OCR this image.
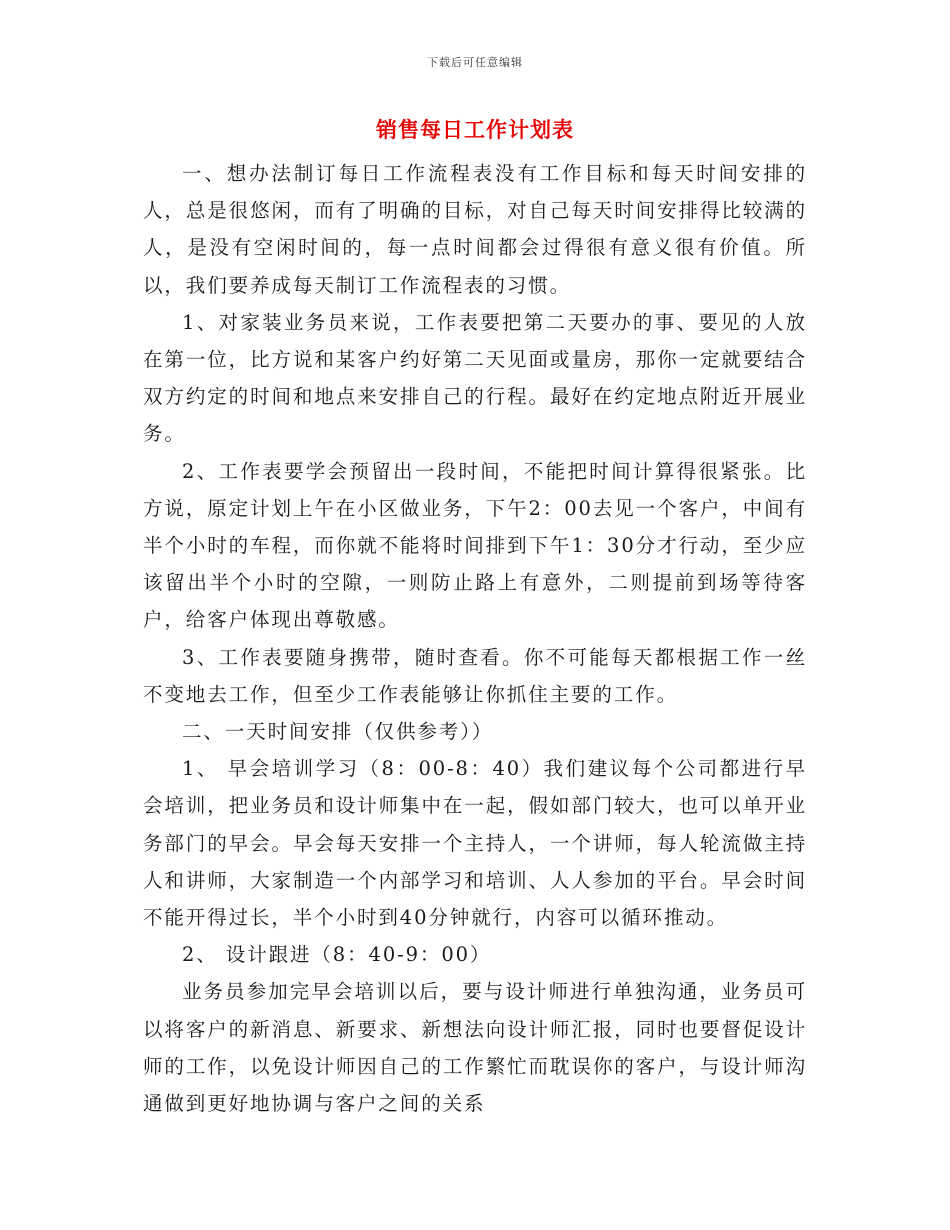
下载后可任意编辑
销售每日工作计划表

一、想办法制订每日工作流程表没有工作目标和每天时间安排的人，总是很悠闲，而有了明确的目标，对自己每天时间安排得比较满的人，是没有空闲时间的，每一点时间都会过得很有意义很有价值。所以，我们要养成每天制订工作流程表的习惯。

1、对家装业务员来说，工作表要把第二天要办的事、要见的人放在第一位，比方说和某客户约好第二天见面或量房，那你一定就要结合双方约定的时间和地点来安排自己的行程。最好在约定地点附近开展业务。

2、工作表要学会预留出一段时间，不能把时间计算得很紧张。比方说，原定计划上午在小区做业务，下午2：00去见一个客户，中间有半个小时的车程，而你就不能将时间排到下午1：30分才行动，至少应该留出半个小时的空隙，一则防止路上有意外，二则提前到场等待客户，给客户体现出尊敬感。

3、工作表要随身携带，随时查看。你不可能每天都根据工作一丝不变地去工作，但至少工作表能够让你抓住主要的工作。

二、一天时间安排（仅供参考））

1、 早会培训学习（8：00-8：40）我们建议每个公司都进行早会培训，把业务员和设计师集中在一起，假如部门较大，也可以单开业务部门的早会。早会每天安排一个主持人，一个讲师，每人轮流做主持人和讲师，大家制造一个内部学习和培训、人人参加的平台。早会时间不能开得过长，半个小时到40分钟就行，内容可以循环推动。

2、 设计跟进（8：40-9：00）

业务员参加完早会培训以后，要与设计师进行单独沟通，业务员可以将客户的新消息、新要求、新想法向设计师汇报，同时也要督促设计师的工作，以免设计师因自己的工作繁忙而耽误你的客户，与设计师沟通做到更好地协调与客户之间的关系
